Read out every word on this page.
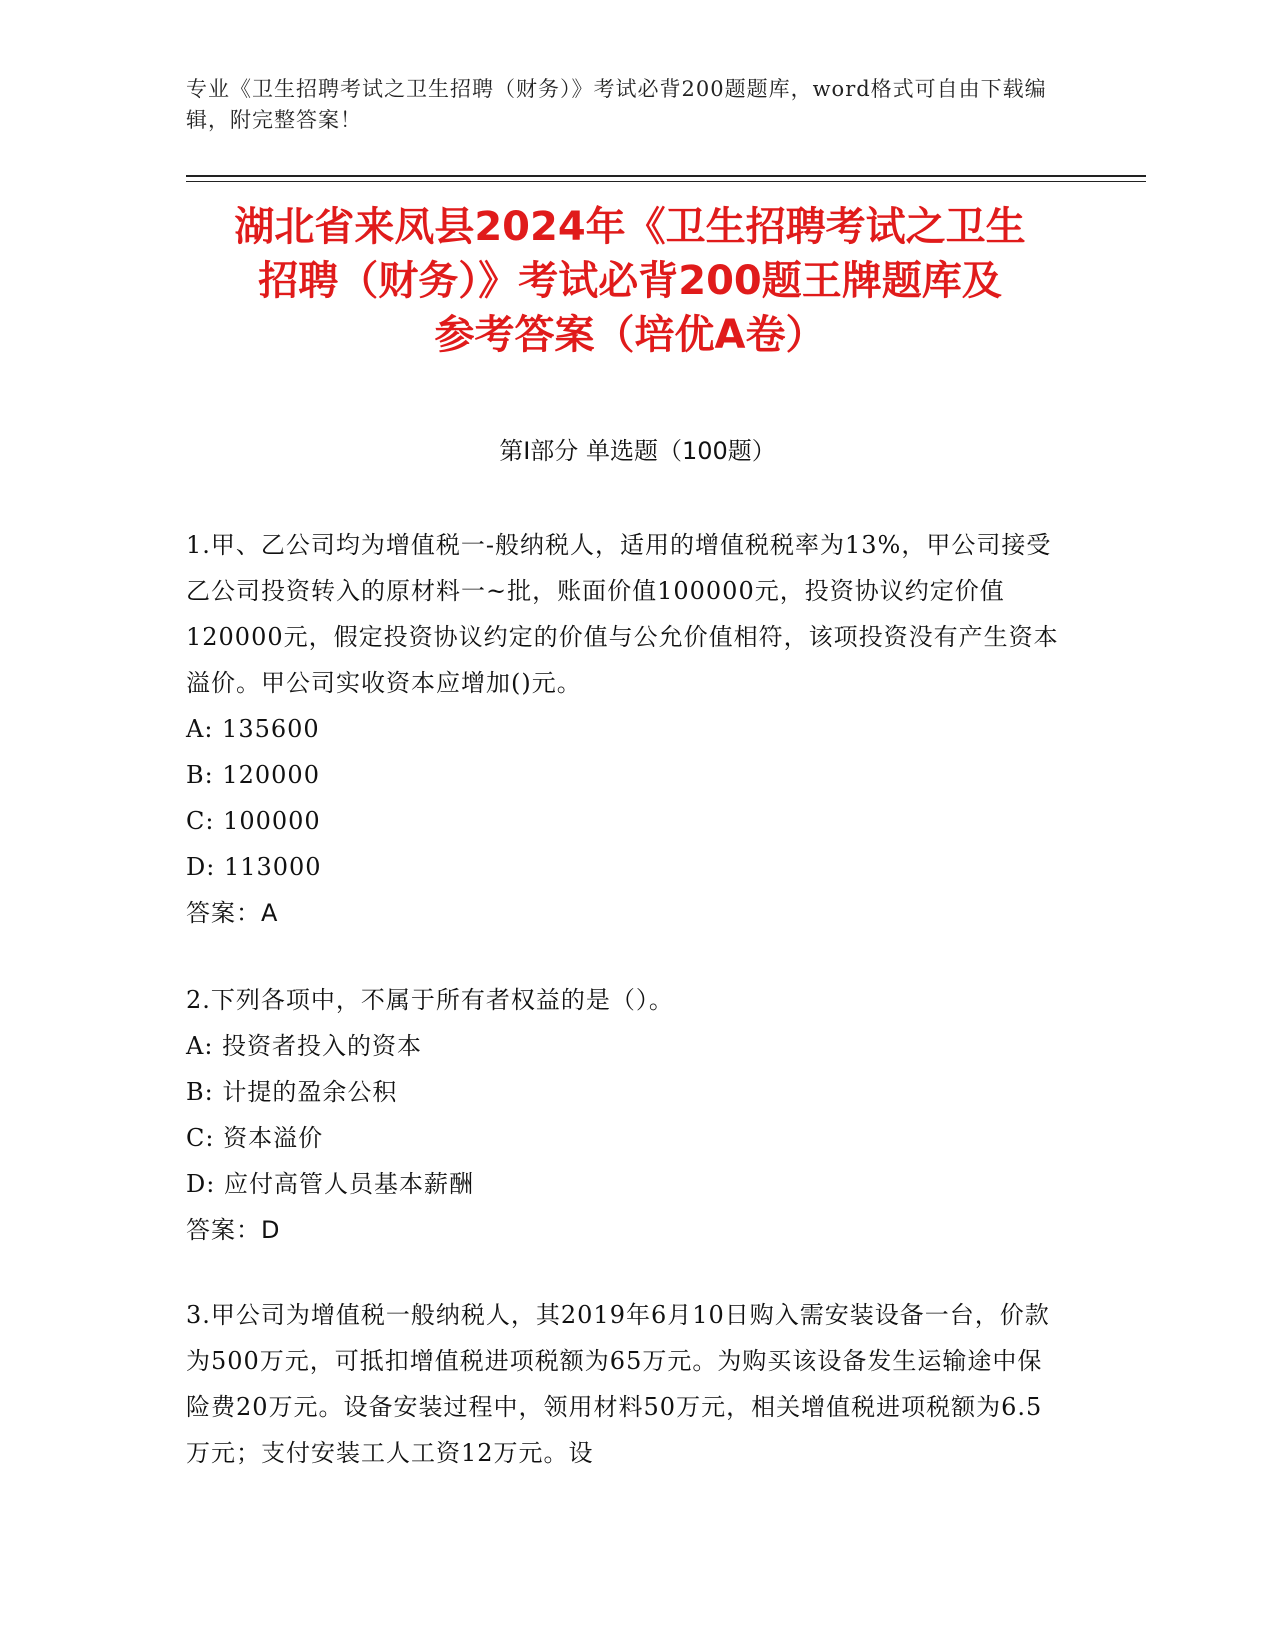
专业《卫生招聘考试之卫生招聘（财务）》考试必背200题题库，word格式可自由下载编辑，附完整答案！
湖北省来凤县2024年《卫生招聘考试之卫生
招聘（财务）》考试必背200题王牌题库及
参考答案（培优A卷）
第Ⅰ部分 单选题（100题）

1.甲、乙公司均为增值税一-般纳税人，适用的增值税税率为13%，甲公司接受乙公司投资转入的原材料一~批，账面价值100000元，投资协议约定价值120000元，假定投资协议约定的价值与公允价值相符，该项投资没有产生资本溢价。甲公司实收资本应增加()元。

A: 135600

B: 120000

C: 100000

D: 113000

答案：A

2.下列各项中，不属于所有者权益的是（）。

A: 投资者投入的资本

B: 计提的盈余公积

C: 资本溢价

D: 应付高管人员基本薪酬

答案：D

3.甲公司为增值税一般纳税人，其2019年6月10日购入需安装设备一台，价款为500万元，可抵扣增值税进项税额为65万元。为购买该设备发生运输途中保险费20万元。设备安装过程中，领用材料50万元，相关增值税进项税额为6.5万元；支付安装工人工资12万元。设
